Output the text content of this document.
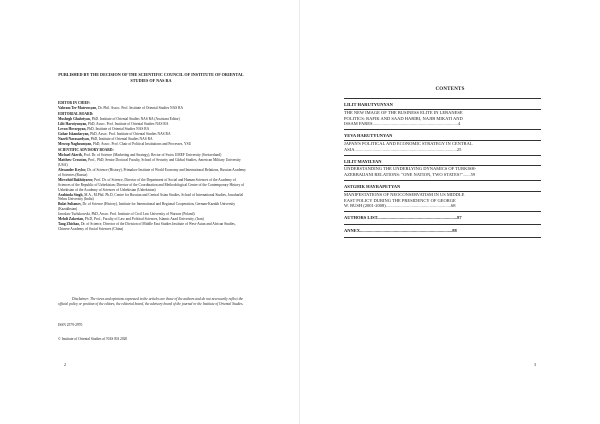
PUBLISHED BY THE DECISION OF THE SCIENTIFIC COUNCIL OF INSTITUTE OF ORIENTAL STUDIES OF NAS RA
EDITOR IN CHIEF:
Vahram Ter-Matevosyan, Dr. Phil. Assoc. Prof. Institute of Oriental Studies NAS RA
EDITORIAL BOARD:
Mushegh Ghahriyan, PhD. Institute of Oriental Studies NAS RA (Assistant Editor)
Lilit Harutyunyan, PhD, Assoc. Prof. Institute of Oriental Studies NAS RA
Levon Hovsepyan, PhD, Institute of Oriental Studies NAS RA
Gohar Iskandaryan, PhD, Assoc. Prof. Institute of Oriental Studies NAS RA
Nazeli Navasardyan, PhD, Institute of Oriental Studies NAS RA
Mesrop Naghoumyan, PhD, Assoc. Prof. Chair of Political Institutions and Processes, YSU
SCIENTIFIC ADVISORY BOARD:
Michael Akerib, Prof. Dr. of Science (Marketing and Strategy), Rector of Swiss UMEF University (Switzerland)
Matthew Crosston, Prof., PhD, Senior Doctoral Faculty, School of Security and Global Studies, American Military University (USA)
Alexander Krylov, Dr. of Science (History), Primakov Institute of World Economy and International Relations, Russian Academy of Sciences (Russia)
Mirvohid Bakhtiyarov, Prof. Dr. of Science, Director of the Department of Social and Human Sciences of the Academy of Sciences of the Republic of Uzbekistan; Director of the Coordination and Methodological Centre of the Contemporary History of Uzbekistan of the Academy of Sciences of Uzbekistan (Uzbekistan)
Arabinda Singh, M.A., M.Phil. Ph.D, Centre for Russian and Central Asian Studies, School of International Studies, Jawaharlal Nehru University (India)
Bulat Sultanov, Dr. of Science (History), Institute for International and Regional Cooperation, German-Kazakh University (Kazakhstan)
Jaroslaw Turlukowski, PhD, Assoc. Prof. Institute of Civil Law University of Warsaw (Poland)
Mehdi Zakerian, Ph.D, Prof., Faculty of Law and Political Sciences, Islamic Azad University, (Iran)
Tang Zhichao, Dr. of Science, Director of the Division of Middle East Studies Institute of West-Asian and African Studies, Chinese Academy of Social Sciences (China)
Disclaimer: The views and opinions expressed in the articles are those of the authors and do not necessarily reflect the official policy or position of the editors, the editorial board, the advisory board of the journal or the Institute of Oriental Studies.
ISSN 2579-2970
© Institute of Oriental Studies of NAS RA 2020
2
CONTENTS
LILIT HARUTYUNYAN
THE NEW IMAGE OF THE BUSINESS ELITE IN LEBANESE
POLITICS: RAFIK AND SAAD HARIRI, NAJIB MIKATI AND
ISSAM FARES............................................................................4
YEVA HARUTYUNYAN
JAPAN'S POLITICAL AND ECONOMIC STRATEGY IN CENTRAL
ASIA...........................................................................................25
LILIT MAYILYAN
UNDERSTANDING THE UNDERLYING DYNAMICS OF TURKISH-
AZERBAIJANI RELATIONS: "ONE NATION, TWO STATES!".......59
ASTGHIK HAYRAPETYAN
MANIFESTATIONS OF NEOCONSERVATISM IN US MIDDLE
EAST POLICY DURING THE PRESIDENCY OF GEORGE
W. BUSH (2001-2008)..........................................................68
AUTHORS LIST.......................................................................87
ANNEX..................................................................................88
3
